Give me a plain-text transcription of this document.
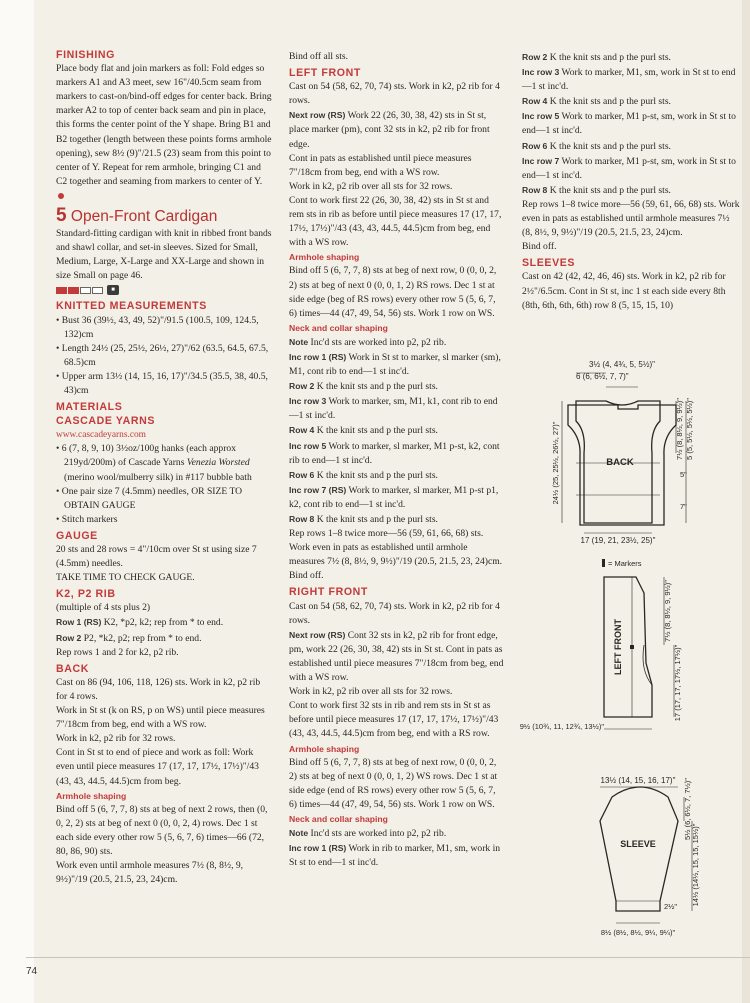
FINISHING

Place body flat and join markers as foll: Fold edges so markers A1 and A3 meet, sew 16"/40.5cm seam from markers to cast-on/bind-off edges for center back. Bring marker A2 to top of center back seam and pin in place, this forms the center point of the Y shape. Bring B1 and B2 together (length between these points forms armhole opening), sew 8½ (9)"/21.5 (23) seam from this point to center of Y. Repeat for rem armhole, bringing C1 and C2 together and seaming from markers to center of Y.

5 Open-Front Cardigan

Standard-fitting cardigan with knit in ribbed front bands and shawl collar, and set-in sleeves. Sized for Small, Medium, Large, X-Large and XX-Large and shown in size Small on page 46.

■
KNITTED MEASUREMENTS

• Bust 36 (39½, 43, 49, 52)"/91.5 (100.5, 109, 124.5, 132)cm

• Length 24½ (25, 25½, 26½, 27)"/62 (63.5, 64.5, 67.5, 68.5)cm

• Upper arm 13½ (14, 15, 16, 17)"/34.5 (35.5, 38, 40.5, 43)cm

MATERIALS
CASCADE YARNS
www.cascadeyarns.com

• 6 (7, 8, 9, 10) 3½oz/100g hanks (each approx 219yd/200m) of Cascade Yarns Venezia Worsted (merino wool/mulberry silk) in #117 bubble bath

• One pair size 7 (4.5mm) needles, OR SIZE TO OBTAIN GAUGE

• Stitch markers

GAUGE

20 sts and 28 rows = 4"/10cm over St st using size 7 (4.5mm) needles.

TAKE TIME TO CHECK GAUGE.

K2, P2 RIB

(multiple of 4 sts plus 2)

Row 1 (RS) K2, *p2, k2; rep from * to end.

Row 2 P2, *k2, p2; rep from * to end.

Rep rows 1 and 2 for k2, p2 rib.

BACK

Cast on 86 (94, 106, 118, 126) sts. Work in k2, p2 rib for 4 rows.

Work in St st (k on RS, p on WS) until piece measures 7"/18cm from beg, end with a WS row.

Work in k2, p2 rib for 32 rows.

Cont in St st to end of piece and work as foll: Work even until piece measures 17 (17, 17, 17½, 17½)"/43 (43, 43, 44.5, 44.5)cm from beg.

Armhole shaping

Bind off 5 (6, 7, 7, 8) sts at beg of next 2 rows, then (0, 0, 2, 2) sts at beg of next 0 (0, 0, 2, 4) rows. Dec 1 st each side every other row 5 (5, 6, 7, 6) times—66 (72, 80, 86, 90) sts.

Work even until armhole measures 7½ (8, 8½, 9, 9½)"/19 (20.5, 21.5, 23, 24)cm.

Bind off all sts.

LEFT FRONT

Cast on 54 (58, 62, 70, 74) sts. Work in k2, p2 rib for 4 rows.

Next row (RS) Work 22 (26, 30, 38, 42) sts in St st, place marker (pm), cont 32 sts in k2, p2 rib for front edge.

Cont in pats as established until piece measures 7"/18cm from beg, end with a WS row.

Work in k2, p2 rib over all sts for 32 rows.

Cont to work first 22 (26, 30, 38, 42) sts in St st and rem sts in rib as before until piece measures 17 (17, 17, 17½, 17½)"/43 (43, 43, 44.5, 44.5)cm from beg, end with a WS row.

Armhole shaping

Bind off 5 (6, 7, 7, 8) sts at beg of next row, 0 (0, 0, 2, 2) sts at beg of next 0 (0, 0, 1, 2) RS rows. Dec 1 st at side edge (beg of RS rows) every other row 5 (5, 6, 7, 6) times—44 (47, 49, 54, 56) sts. Work 1 row on WS.

Neck and collar shaping

Note Inc'd sts are worked into p2, p2 rib.

Inc row 1 (RS) Work in St st to marker, sl marker (sm), M1, cont rib to end—1 st inc'd.

Row 2 K the knit sts and p the purl sts.

Inc row 3 Work to marker, sm, M1, k1, cont rib to end—1 st inc'd.

Row 4 K the knit sts and p the purl sts.

Inc row 5 Work to marker, sl marker, M1 p-st, k2, cont rib to end—1 st inc'd.

Row 6 K the knit sts and p the purl sts.

Inc row 7 (RS) Work to marker, sl marker, M1 p-st p1, k2, cont rib to end—1 st inc'd.

Row 8 K the knit sts and p the purl sts.

Rep rows 1–8 twice more—56 (59, 61, 66, 68) sts. Work even in pats as established until armhole measures 7½ (8, 8½, 9, 9½)"/19 (20.5, 21.5, 23, 24)cm. Bind off.

RIGHT FRONT

Cast on 54 (58, 62, 70, 74) sts. Work in k2, p2 rib for 4 rows.

Next row (RS) Cont 32 sts in k2, p2 rib for front edge, pm, work 22 (26, 30, 38, 42) sts in St st. Cont in pats as established until piece measures 7"/18cm from beg, end with a WS row.

Work in k2, p2 rib over all sts for 32 rows.

Cont to work first 32 sts in rib and rem sts in St st as before until piece measures 17 (17, 17, 17½, 17½)"/43 (43, 43, 44.5, 44.5)cm from beg, end with a RS row.

Armhole shaping

Bind off 5 (6, 7, 7, 8) sts at beg of next row, 0 (0, 0, 2, 2) sts at beg of next 0 (0, 0, 1, 2) WS rows. Dec 1 st at side edge (end of RS rows) every other row 5 (5, 6, 7, 6) times—44 (47, 49, 54, 56) sts. Work 1 row on WS.

Neck and collar shaping

Note Inc'd sts are worked into p2, p2 rib.

Inc row 1 (RS) Work in rib to marker, M1, sm, work in St st to end—1 st inc'd.

Row 2 K the knit sts and p the purl sts.

Inc row 3 Work to marker, M1, sm, work in St st to end—1 st inc'd.

Row 4 K the knit sts and p the purl sts.

Inc row 5 Work to marker, M1 p-st, sm, work in St st to end—1 st inc'd.

Row 6 K the knit sts and p the purl sts.

Inc row 7 Work to marker, M1 p-st, sm, work in St st to end—1 st inc'd.

Row 8 K the knit sts and p the purl sts.

Rep rows 1–8 twice more—56 (59, 61, 66, 68) sts. Work even in pats as established until armhole measures 7½ (8, 8½, 9, 9½)"/19 (20.5, 21.5, 23, 24)cm.

Bind off.

SLEEVES

Cast on 42 (42, 42, 46, 46) sts. Work in k2, p2 rib for 2½"/6.5cm. Cont in St st, inc 1 st each side every 8th (8th, 6th, 6th, 6th) row 8 (5, 15, 15, 10)

3½ (4, 4¾, 5, 5½)"
6 (6, 6½, 7, 7)"
BACK
24½ (25, 25½, 26½, 27)"	7½ (8, 8½, 9, 9½)" 5 (5, 5½, 5½, 5½)"
5"
7"
17 (19, 21, 23½, 25)"
= Markers
LEFT FRONT
7½ (8, 8½, 9, 9½)"
17 (17, 17, 17½, 17½)"
9½ (10¾, 11, 12¾, 13½)"
13½ (14, 15, 16, 17)"
SLEEVE
5½ (6, 6½, 7, 7½)"
14½ (14½, 15, 15, 15½)"
2½"
8½ (8½, 8½, 9¼, 9¼)"
74
